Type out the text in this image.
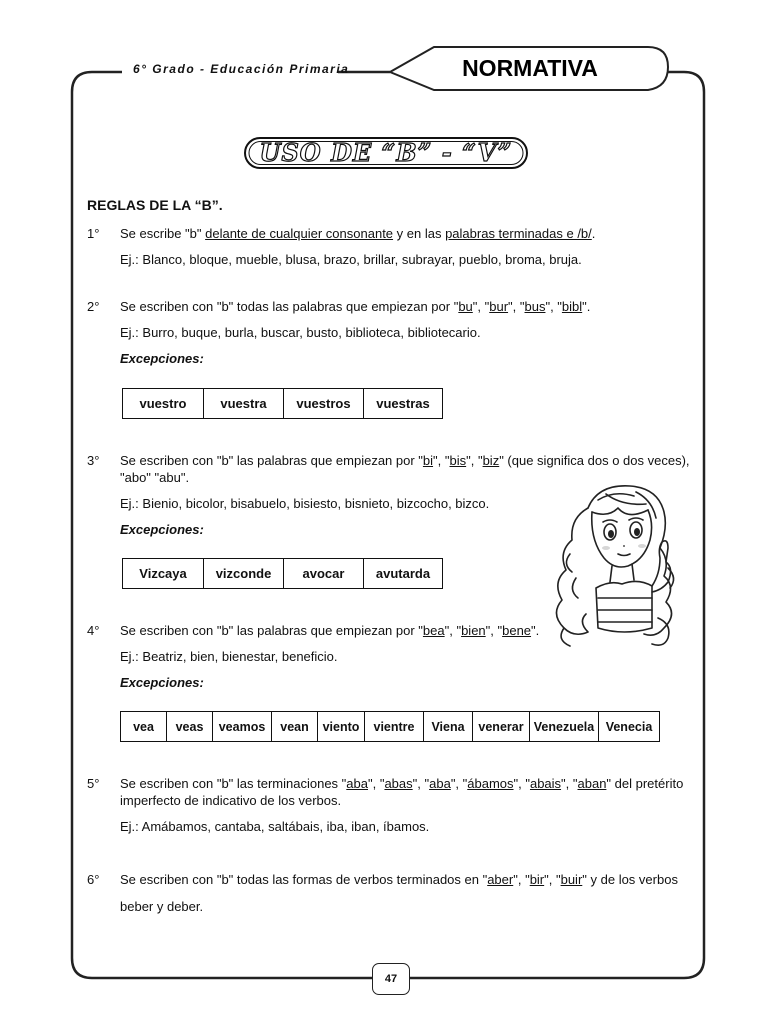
6° Grado - Educación Primaria	NORMATIVA
USO DE “B” - “V”
REGLAS DE LA “B”.
1°	Se escribe "b" delante de cualquier consonante y en las palabras terminadas e /b/.

Ej.: Blanco, bloque, mueble, blusa, brazo, brillar, subrayar, pueblo, broma, bruja.

2°	Se escriben con "b" todas las palabras que empiezan por "bu", "bur", "bus", "bibl".

Ej.: Burro, buque, burla, buscar, busto, biblioteca, bibliotecario.

Excepciones:

vuestro	vuestra	vuestros	vuestras
3°	Se escriben con "b" las palabras que empiezan por "bi", "bis", "biz" (que significa dos o dos veces), "abo" "abu".

Ej.: Bienio, bicolor, bisabuelo, bisiesto, bisnieto, bizcocho, bizco.

Excepciones:

Vizcaya	vizconde	avocar	avutarda
4°	Se escriben con "b" las palabras que empiezan por "bea", "bien", "bene".

Ej.: Beatriz, bien, bienestar, beneficio.

Excepciones:

vea	veas	veamos	vean	viento	vientre	Viena	venerar	Venezuela	Venecia
5°	Se escriben con "b" las terminaciones "aba", "abas", "aba", "ábamos", "abais", "aban" del pretérito imperfecto de indicativo de los verbos.

Ej.: Amábamos, cantaba, saltábais, iba, iban, íbamos.

6°	Se escriben con "b" todas las formas de verbos terminados en "aber", "bir", "buir" y de los verbos beber y deber.

47
